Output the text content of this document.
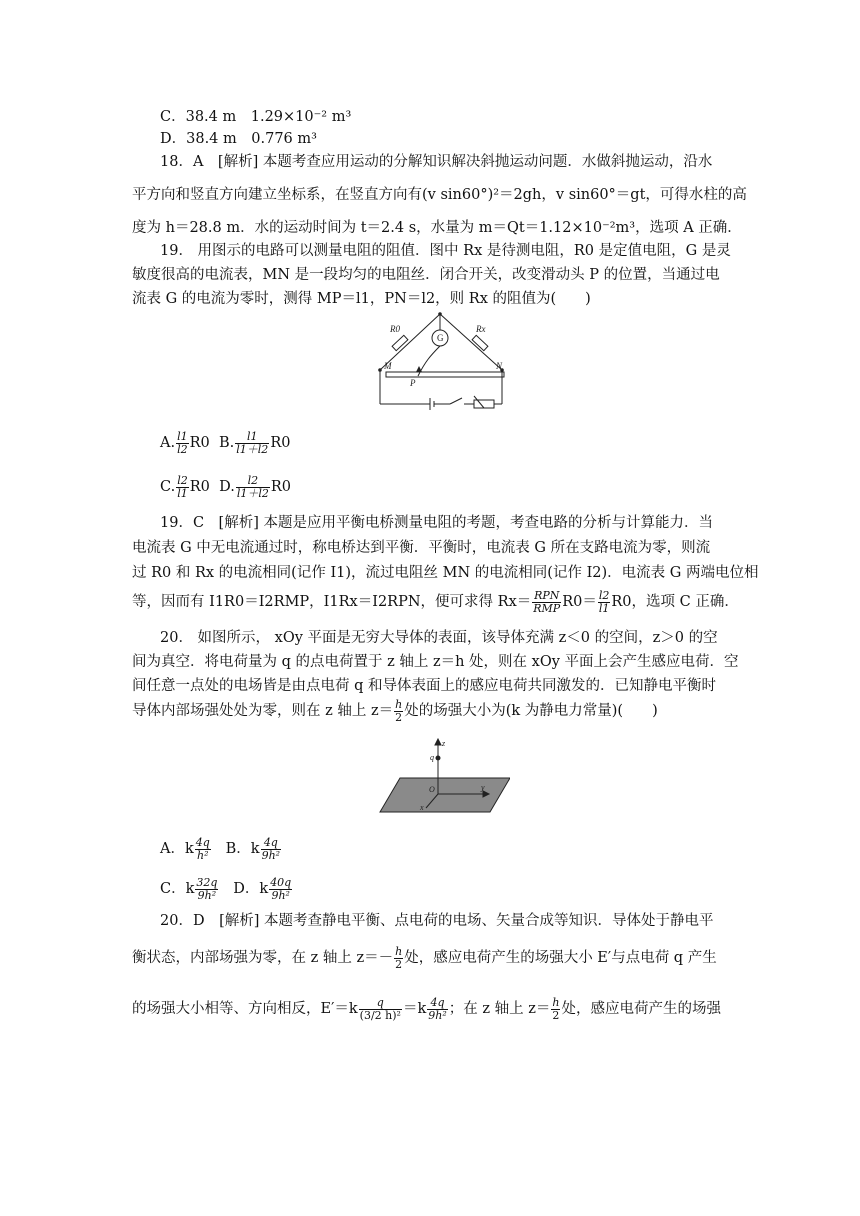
C．38.4 m　1.29×10⁻² m³
D．38.4 m　0.776 m³
18．A　[解析] 本题考查应用运动的分解知识解决斜抛运动问题．水做斜抛运动，沿水
平方向和竖直方向建立坐标系，在竖直方向有(v sin60°)²＝2gh，v sin60°＝gt，可得水柱的高
度为 h＝28.8 m．水的运动时间为 t＝2.4 s，水量为 m＝Qt＝1.12×10⁻²m³，选项 A 正确．
19． 用图示的电路可以测量电阻的阻值．图中 Rx 是待测电阻，R0 是定值电阻，G 是灵
敏度很高的电流表，MN 是一段均匀的电阻丝．闭合开关，改变滑动头 P 的位置，当通过电
流表 G 的电流为零时，测得 MP＝l1，PN＝l2，则 Rx 的阻值为(　　)
R0	Rx
G
M	N
P
A. $\frac{l1}{l2} R0$ B. $\frac{l1}{l1+l2} R0$
C. $\frac{l2}{l1} R0$ D. $\frac{l2}{l1+l2} R0$
19．C　[解析] 本题是应用平衡电桥测量电阻的考题，考查电路的分析与计算能力．当
电流表 G 中无电流通过时，称电桥达到平衡．平衡时，电流表 G 所在支路电流为零，则流
过 R0 和 Rx 的电流相同(记作 I1)，流过电阻丝 MN 的电流相同(记作 I2)．电流表 G 两端电位相
等，因而有 I1R0＝I2RMP，I1Rx＝I2RPN，便可求得 $Rx= \frac{\text{RPN}}{\text{RMP}} R0= \frac{l2}{l1} R0$，选项 C 正确．
20． 如图所示， xOy 平面是无穷大导体的表面，该导体充满 z＜0 的空间，z＞0 的空
间为真空．将电荷量为 q 的点电荷置于 z 轴上 z＝h 处，则在 xOy 平面上会产生感应电荷．空
间任意一点处的电场皆是由点电荷 q 和导体表面上的感应电荷共同激发的．已知静电平衡时
导体内部场强处处为零，则在 z 轴上 $z= \frac{h}{2}$ 处的场强大小为(k 为静电力常量)(　　)
q
z
O	y
x
A．k $\frac{4q}{\text{h²}}$ B．k $\frac{4q}{\text{9h²}}$
C．k $\frac{32q}{\text{9h²}}$ D．k $\frac{40q}{\text{9h²}}$
20．D　[解析] 本题考查静电平衡、点电荷的电场、矢量合成等知识．导体处于静电平
衡状态，内部场强为零，在 z 轴上 $z=- \frac{h}{2}$ 处，感应电荷产生的场强大小 E′与点电荷 q 产生
的场强大小相等、方向相反，$E'=k \frac{q}{\text{(3/2 h)²}} =k \frac{4q}{\text{9h²}}$ ；在 z 轴上 $z= \frac{h}{2}$ 处，感应电荷产生的场强
